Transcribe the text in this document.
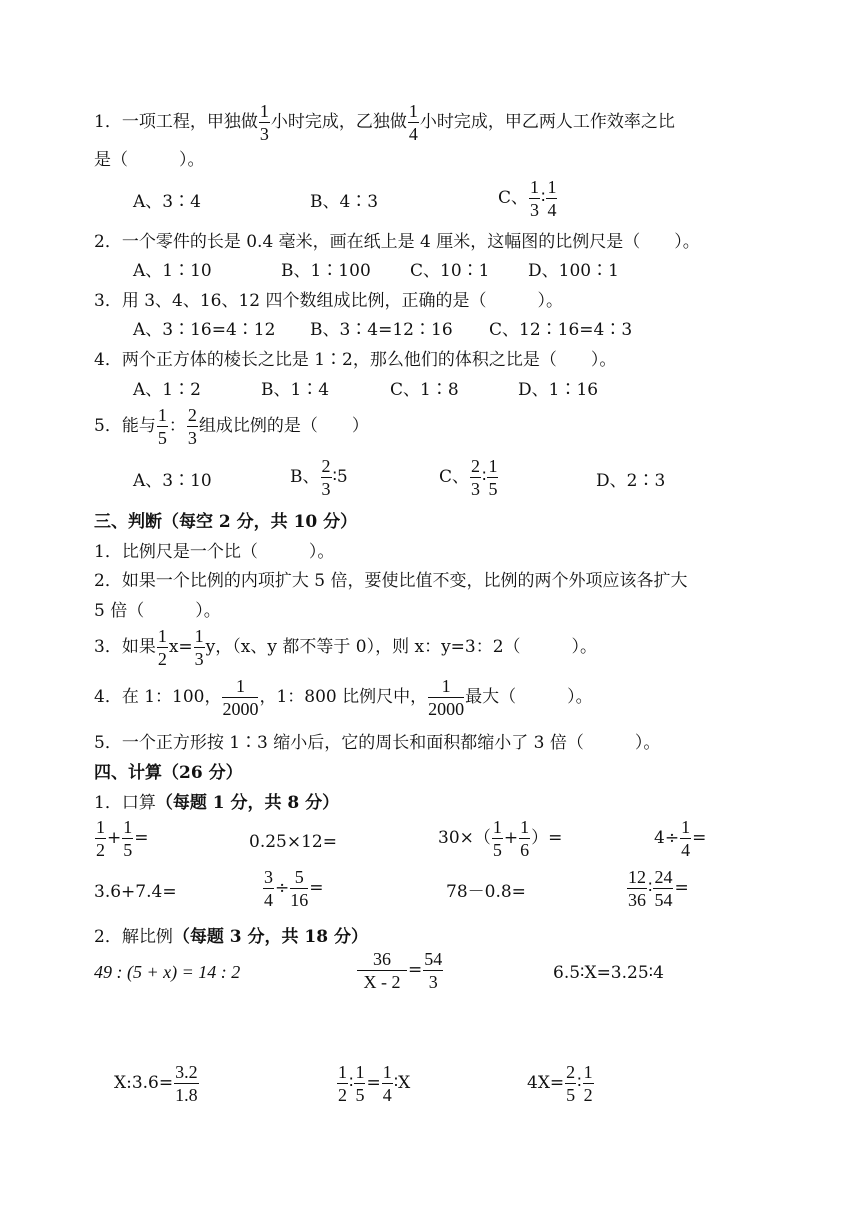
1．一项工程，甲独做 $\frac{1}{3}$ 小时完成，乙独做 $\frac{1}{4}$ 小时完成，甲乙两人工作效率之比
是（　　　）。
A、3∶4	B、4∶3	C、 $\frac{1}{3}$ ∶ $\frac{1}{4}$
2．一个零件的长是 0.4 毫米，画在纸上是 4 厘米，这幅图的比例尺是（　　）。
A、1∶10	B、1∶100 C、10∶1 D、100∶1
3．用 3、4、16、12 四个数组成比例，正确的是（　　　）。
A、3∶16=4∶12 B、3∶4=12∶16 C、12∶16=4∶3
4．两个正方体的棱长之比是 1∶2，那么他们的体积之比是（　　）。
A、1∶2	B、1∶4	C、1∶8	D、1∶16
5．能与 $\frac{1}{5}$ ： $\frac{2}{3}$ 组成比例的是（　　）
A、3∶10	B、 $\frac{2}{3}$ ∶5	C、 $\frac{2}{3}$ ∶ $\frac{1}{5}$	D、2∶3
三、判断（每空 2 分，共 10 分）
1．比例尺是一个比（　　　）。
2．如果一个比例的内项扩大 5 倍，要使比值不变，比例的两个外项应该各扩大
5 倍（　　　）。
3．如果 $\frac{1}{2} x= \frac{1}{3}$ y，（x、y 都不等于 0），则 x：y=3：2（　　　）。
4．在 1：100， $\frac{1}{2000}$ ，1：800 比例尺中， $\frac{1}{2000}$ 最大（　　　）。
5．一个正方形按 1∶3 缩小后，它的周长和面积都缩小了 3 倍（　　　）。
四、计算（26 分）
1．口算（每题 1 分，共 8 分）
$\frac{1}{2} + \frac{1}{5}$ =	0.25×12=	$30\times( \frac{1}{5} + \frac{1}{6}$ ）=	$4\div \frac{1}{4}$ =
3.6+7.4=	$\frac{3}{4} \div \frac{5}{16}$ =	78－0.8=	$\frac{12}{36}$ ∶ $\frac{24}{54}$ =
2．解比例（每题 3 分，共 18 分）
49 : (5 + x) = 14 : 2	$\frac{36}{X - 2} = \frac{54}{3}$	6.5∶X=3.25∶4
X:3.6= $\frac{3.2}{1.8}$	$\frac{1}{2}$ ∶ $\frac{1}{5} = \frac{1}{4}$ ∶X	$4X= \frac{2}{5}$ ∶ $\frac{1}{2}$
